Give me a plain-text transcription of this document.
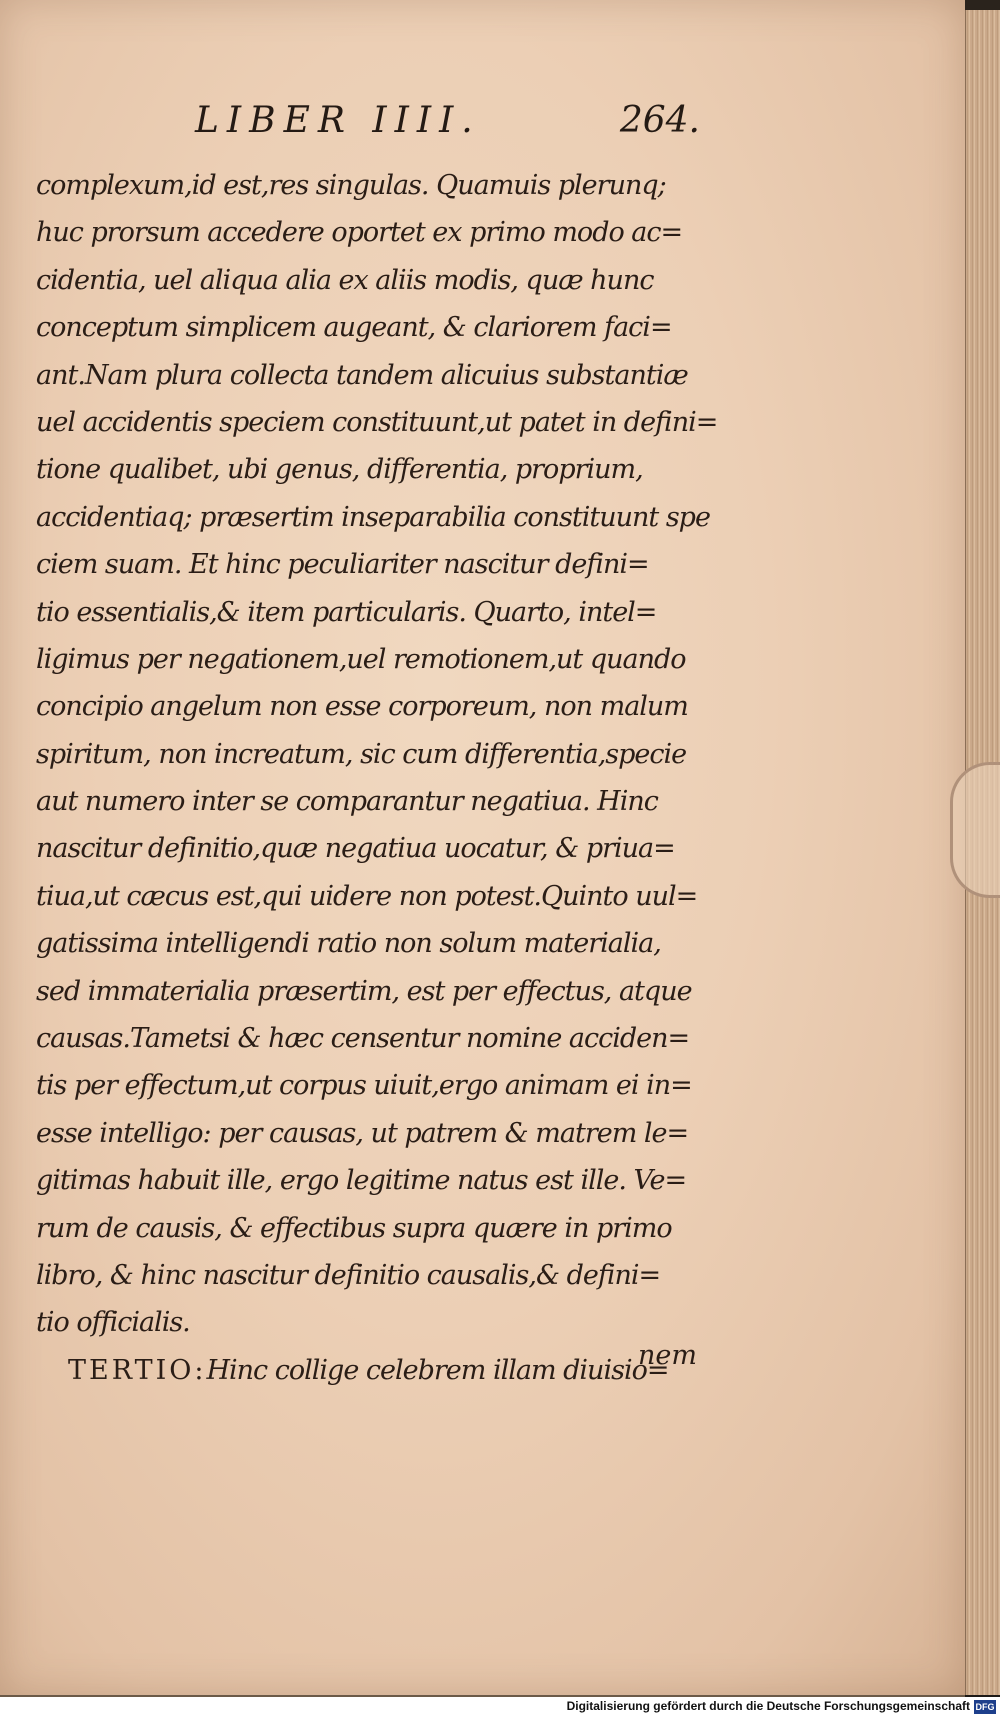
LIBER IIII.	264.
complexum,id est,res singulas. Quamuis plerunq;
huc prorsum accedere oportet ex primo modo ac=
cidentia, uel aliqua alia ex aliis modis, quæ hunc
conceptum simplicem augeant, & clariorem faci=
ant.Nam plura collecta tandem alicuius substantiæ
uel accidentis speciem constituunt,ut patet in defini=
tione qualibet, ubi genus, differentia, proprium,
accidentiaq; præsertim inseparabilia constituunt spe
ciem suam. Et hinc peculiariter nascitur defini=
tio essentialis,& item particularis. Quarto, intel=
ligimus per negationem,uel remotionem,ut quando
concipio angelum non esse corporeum, non malum
spiritum, non increatum, sic cum differentia,specie
aut numero inter se comparantur negatiua. Hinc
nascitur definitio,quæ negatiua uocatur, & priua=
tiua,ut cæcus est,qui uidere non potest.Quinto uul=
gatissima intelligendi ratio non solum materialia,
sed immaterialia præsertim, est per effectus, atque
causas.Tametsi & hæc censentur nomine acciden=
tis per effectum,ut corpus uiuit,ergo animam ei in=
esse intelligo: per causas, ut patrem & matrem le=
gitimas habuit ille, ergo legitime natus est ille. Ve=
rum de causis, & effectibus supra quære in primo
libro, & hinc nascitur definitio causalis,& defini=
tio officialis.
TERTIO:Hinc collige celebrem illam diuisio=
nem
Digitalisierung gefördert durch die Deutsche Forschungsgemeinschaft DFG
